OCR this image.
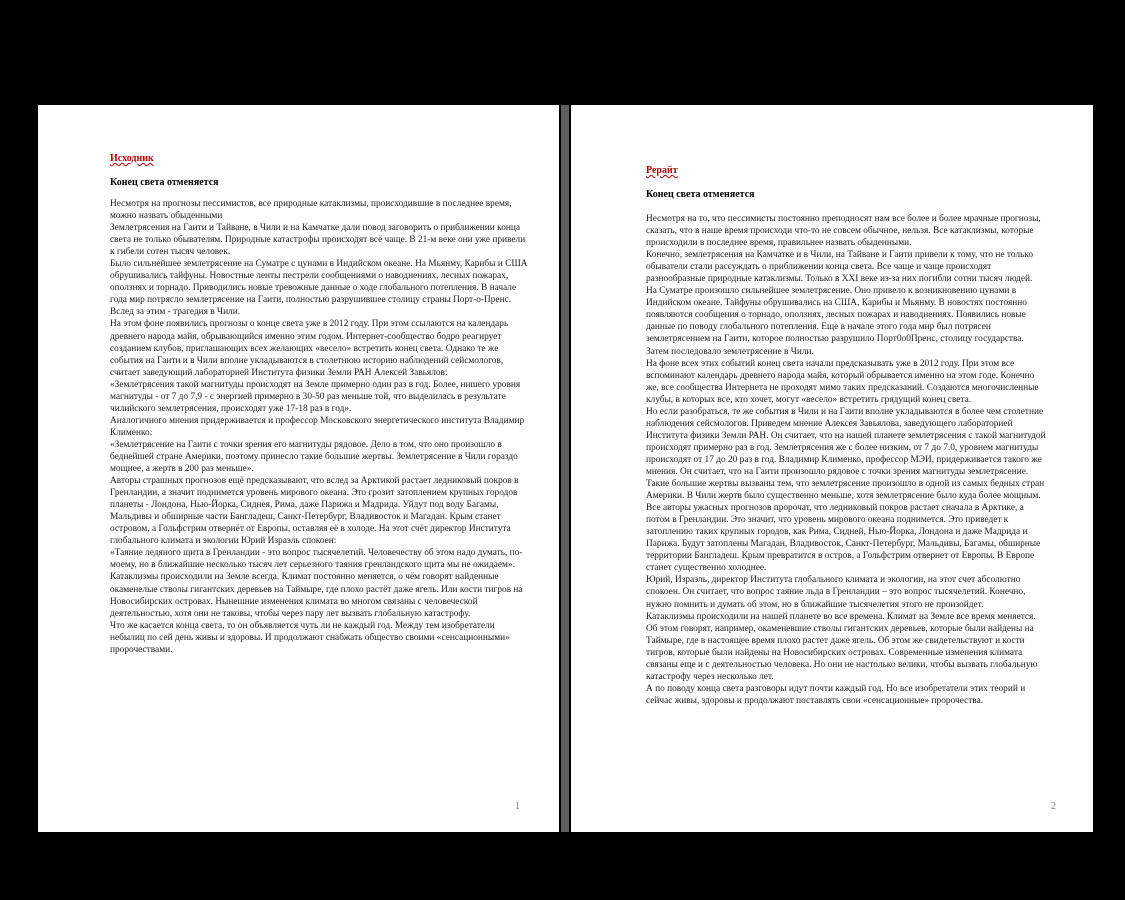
Исходник
Конец света отменяется

Несмотря на прогнозы пессимистов, все природные катаклизмы, происходившие в последнее время, можно назвать обыденными

Землетрясения на Гаити и Тайване, в Чили и на Камчатке дали повод заговорить о приближении конца света не только обывателям. Природные катастрофы происходят всё чаще. В 21-м веке они уже привели к гибели сотен тысяч человек.

Было сильнейшее землетрясение на Суматре с цунами в Индийском океане. На Мьянму, Карибы и США обрушивались тайфуны. Новостные ленты пестрели сообщениями о наводнениях, лесных пожарах, оползнях и торнадо. Приводились новые тревожные данные о ходе глобального потепления. В начале года мир потрясло землетрясение на Гаити, полностью разрушившее столицу страны Порт-о-Пренс. Вслед за этим - трагедия в Чили.

На этом фоне появились прогнозы о конце света уже в 2012 году. При этом ссылаются на календарь древнего народа майя, обрывающийся именно этим годом. Интернет-сообщество бодро реагирует созданием клубов, приглашающих всех желающих «весело» встретить конец света. Однако те же события на Гаити и в Чили вполне укладываются в столетнюю историю наблюдений сейсмологов, считает заведующий лабораторией Института физики Земли РАН Алексей Завьялов:

«Землетрясения такой магнитуды происходят на Земле примерно один раз в год. Более, нишего уровня магнитуды - от 7 до 7,9 - с энергией примерно в 30-50 раз меньше той, что выделилась в результате чилийского землетрясения, происходят уже 17-18 раз в год».

Аналогичного мнения придерживается и профессор Московского энергетического института Владимир Клименко:

«Землетрясение на Гаити с точки зрения его магнитуды рядовое. Дело в том, что оно произошло в беднейшей стране Америки, поэтому принесло такие большие жертвы. Землетрясение в Чили гораздо мощнее, а жертв в 200 раз меньше».

Авторы страшных прогнозов ещё предсказывают, что вслед за Арктикой растает ледниковый покров в Гренландии, а значит поднимется уровень мирового океана. Это грозит затоплением крупных городов планеты - Лондона, Нью-Йорка, Сиднея, Рима, даже Парижа и Мадрида. Уйдут под воду Багамы, Мальдивы и обширные части Бангладеш, Санкт-Петербург, Владивосток и Магадан. Крым станет островом, а Гольфстрим отвернёт от Европы, оставляя её в холоде. На этот счёт директор Института глобального климата и экологии Юрий Израэль спокоен:

«Таяние ледяного щита в Гренландии - это вопрос тысячелетий. Человечеству об этом надо думать, по-моему, но в ближайшие несколько тысяч лет серьезного таяния гренландского щита мы не ожидаем».

Катаклизмы происходили на Земле всегда. Климат постоянно меняется, о чём говорят найденные окаменелые стволы гигантских деревьев на Таймыре, где плохо растёт даже ягель. Или кости тигров на Новосибирских островах. Нынешние изменения климата во многом связаны с человеческой деятельностью, хотя они не таковы, чтобы через пару лет вызвать глобальную катастрофу.

Что же касается конца света, то он объявляется чуть ли не каждый год. Между тем изобретатели небылиц по сей день живы и здоровы. И продолжают снабжать общество своими «сенсационными» пророчествами.

1
Рерайт
Конец света отменяется

Несмотря на то, что пессимисты постоянно преподносят нам все более и более мрачные прогнозы, сказать, что в наше время происходи что-то не совсем обычное, нельзя. Все катаклизмы, которые происходили в последнее время, правильнее назвать обыденными.

Конечно, землетрясения на Камчатке и в Чили, на Тайване и Гаити привели к тому, что не только обыватели стали рассуждать о приближении конца света. Все чаще и чаще происходят разнообразные природные катаклизмы. Только в XXI веке из-за них погибли сотни тысяч людей.

На Суматре произошло сильнейшее землетрясение. Оно привело к возникновению цунами в Индийском океане. Тайфуны обрушивались на США, Карибы и Мьянму. В новостях постоянно появляются сообщения о торнадо, оползнях, лесных пожарах и наводнениях. Появились новые данные по поводу глобального потепления. Еще в начале этого года мир был потрясен землетрясением на Гаити, которое полностью разрушило Порт0о0Пренс, столицу государства. Затем последовало землетрясение в Чили.

На фоне всех этих событий конец света начали предсказывать уже в 2012 году. При этом все вспоминают календарь древнего народа майя, который обрывается именно на этом годе. Конечно же, все сообщества Интернета не проходят мимо таких предсказаний. Создаются многочисленные клубы, в которых все, кто хочет, могут «весело» встретить грядущий конец света.

Но если разобраться, те же события в Чили и на Гаити вполне укладываются в более чем столетние наблюдения сейсмологов. Приведем мнение Алексея Завьялова, заведующего лабораторией Института физики Земли РАН. Он считает, что на нашей планете землетрясения с такой магнитудой происходят примерно раз в год. Землетрясения же с более низким, от 7 до 7.0, уровнем магнитуды происходят от 17 до 20 раз в год. Владимир Клименко, профессор МЭИ, придерживается такого же мнения. Он считает, что на Гаити произошло рядовое с точки зрения магнитуды землетрясение. Такие большие жертвы вызваны тем, что землетрясение произошло в одной из самых бедных стран Америки. В Чили жертв было существенно меньше, хотя землетрясение было куда более мощным.

Все авторы ужасных прогнозов пророчат, что ледниковый покров растает сначала в Арктике, а потом в Гренландии. Это значит, что уровень мирового океана поднимется. Это приведет к затоплению таких крупных городов, как Рима, Сидней, Нью-Йорка, Лондона и даже Мадрида и Парижа. Будут затоплены Магадан, Владивосток, Санкт-Петербург, Мальдивы, Багамы, обширные территории Бангладеш. Крым превратится в остров, а Гольфстрим отвернет от Европы. В Европе станет существенно холоднее.

Юрий, Израэль, директор Института глобального климата и экологии, на этот счет абсолютно спокоен. Он считает, что вопрос таяние льда в Гренландии – это вопрос тысячелетий. Конечно, нужно помнить и думать об этом, но в ближайшие тысячелетия этого не произойдет.

Катаклизмы происходили на нашей планете во все времена. Климат на Земле все время меняется. Об этом говорят, например, окаменевшие стволы гигантских деревьев, которые были найдены на Таймыре, где в настоящее время плохо растет даже ягель. Об этом же свидетельствуют и кости тигров, которые были найдены на Новосибирских островах. Современные изменения климата связаны еще и с деятельностью человека. Но они не настолько велики, чтобы вызвать глобальную катастрофу через несколько лет.

А по поводу конца света разговоры идут почти каждый год. Но все изобретатели этих теорий и сейчас живы, здоровы и продолжают поставлять свои «сенсационные» пророчества.

2
